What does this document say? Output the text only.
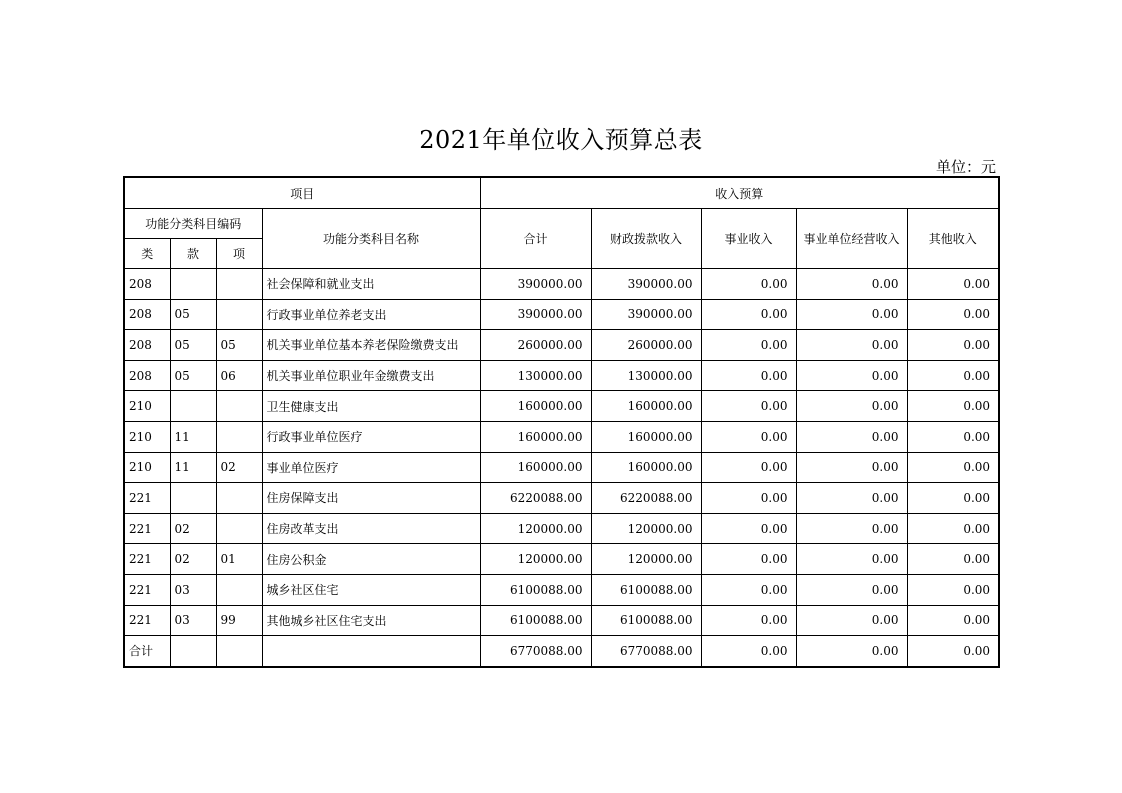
2021年单位收入预算总表
单位：元
项目				收入预算				
功能分类科目编码			功能分类科目名称	合计	财政拨款收入	事业收入	事业单位经营收入	其他收入
类	款	项						
208			社会保障和就业支出	390000.00	390000.00	0.00	0.00	0.00
208	05		行政事业单位养老支出	390000.00	390000.00	0.00	0.00	0.00
208	05	05	机关事业单位基本养老保险缴费支出	260000.00	260000.00	0.00	0.00	0.00
208	05	06	机关事业单位职业年金缴费支出	130000.00	130000.00	0.00	0.00	0.00
210			卫生健康支出	160000.00	160000.00	0.00	0.00	0.00
210	11		行政事业单位医疗	160000.00	160000.00	0.00	0.00	0.00
210	11	02	事业单位医疗	160000.00	160000.00	0.00	0.00	0.00
221			住房保障支出	6220088.00	6220088.00	0.00	0.00	0.00
221	02		住房改革支出	120000.00	120000.00	0.00	0.00	0.00
221	02	01	住房公积金	120000.00	120000.00	0.00	0.00	0.00
221	03		城乡社区住宅	6100088.00	6100088.00	0.00	0.00	0.00
221	03	99	其他城乡社区住宅支出	6100088.00	6100088.00	0.00	0.00	0.00
合计				6770088.00	6770088.00	0.00	0.00	0.00
